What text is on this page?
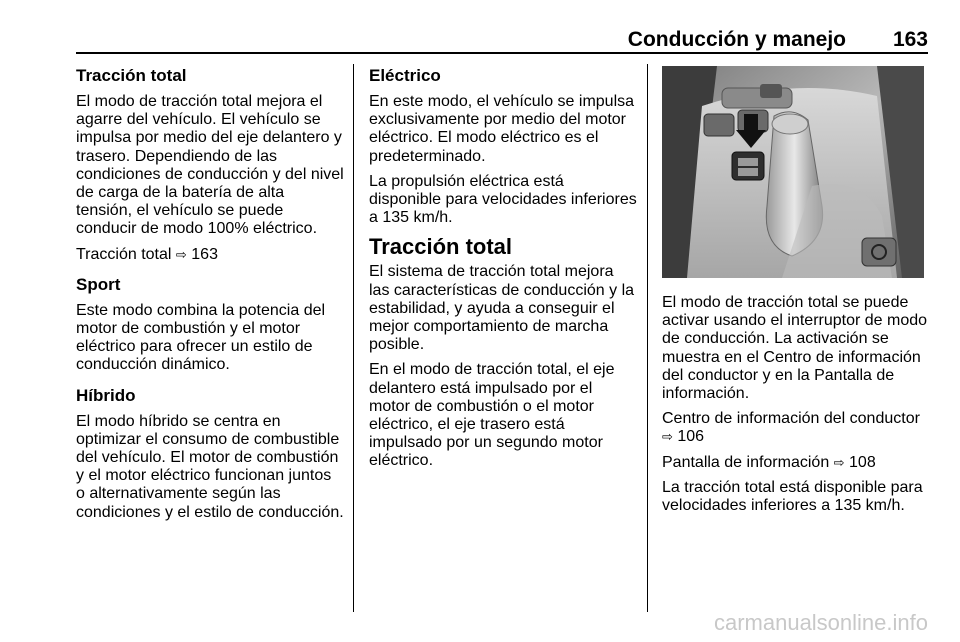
Conducción y manejo 163
Tracción total

El modo de tracción total mejora el agarre del vehículo. El vehículo se impulsa por medio del eje delantero y trasero. Dependiendo de las condiciones de conducción y del nivel de carga de la batería de alta tensión, el vehículo se puede conducir de modo 100% eléctrico.

Tracción total ⇨ 163

Sport

Este modo combina la potencia del motor de combustión y el motor eléctrico para ofrecer un estilo de conducción dinámico.

Híbrido

El modo híbrido se centra en optimizar el consumo de combustible del vehículo. El motor de combustión y el motor eléctrico funcionan juntos o alternativamente según las condiciones y el estilo de conducción.

Eléctrico

En este modo, el vehículo se impulsa exclusivamente por medio del motor eléctrico. El modo eléctrico es el predeterminado.

La propulsión eléctrica está disponible para velocidades inferiores a 135 km/h.

Tracción total

El sistema de tracción total mejora las características de conducción y la estabilidad, y ayuda a conseguir el mejor comportamiento de marcha posible.

En el modo de tracción total, el eje delantero está impulsado por el motor de combustión o el motor eléctrico, el eje trasero está impulsado por un segundo motor eléctrico.

El modo de tracción total se puede activar usando el interruptor de modo de conducción. La activación se muestra en el Centro de información del conductor y en la Pantalla de información.

Centro de información del conductor
⇨ 106

Pantalla de información ⇨ 108

La tracción total está disponible para velocidades inferiores a 135 km/h.

carmanualsonline.info
